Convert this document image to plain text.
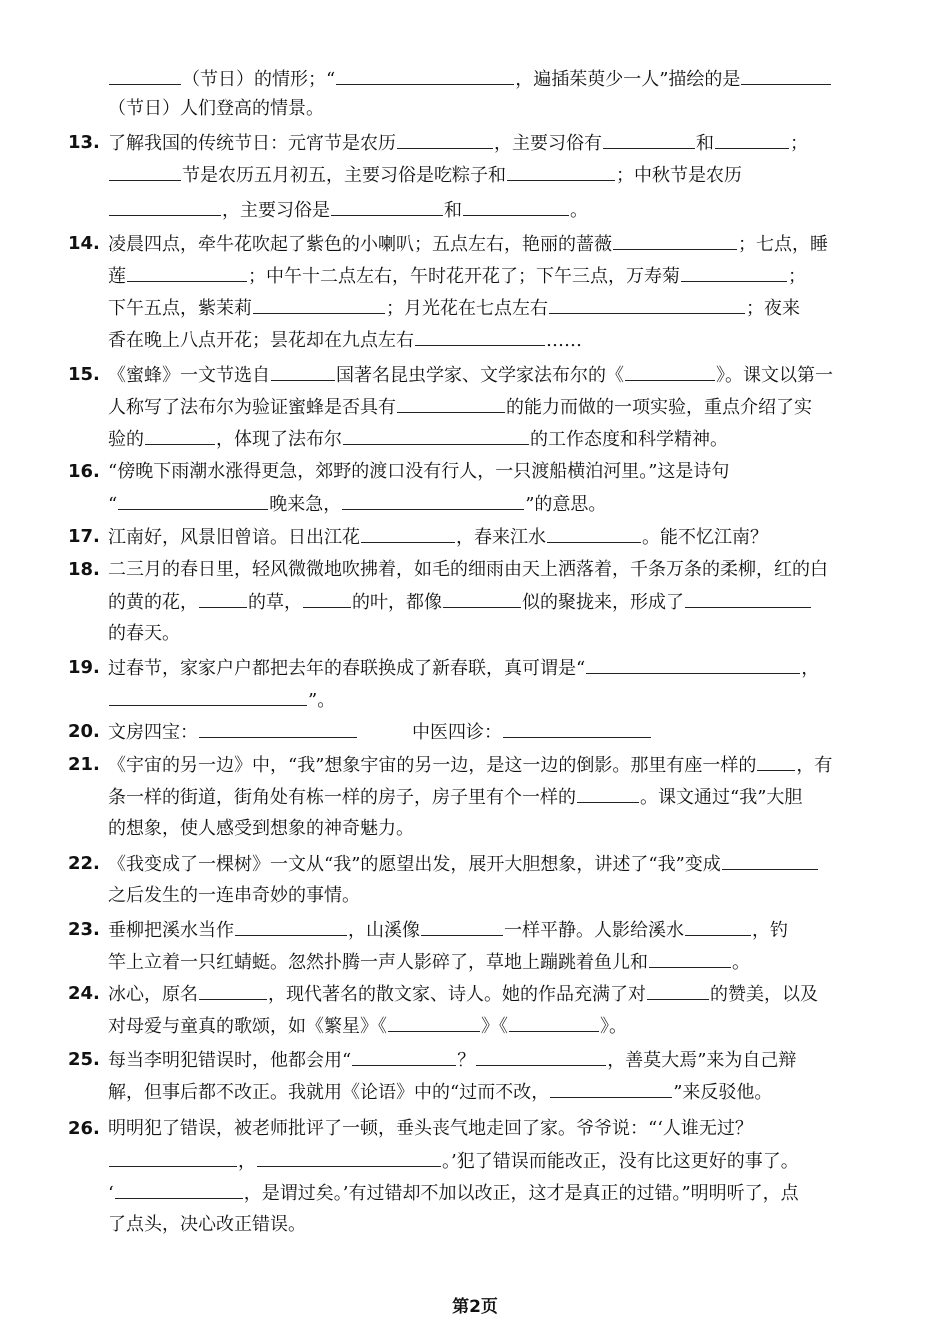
（节日）的情形；“	，遍插茱萸少一人”描绘的是
（节日）人们登高的情景。
13. 了解我国的传统节日：元宵节是农历	，主要习俗有	和	；
节是农历五月初五，主要习俗是吃粽子和	；中秋节是农历
，主要习俗是	和	。
14. 凌晨四点，牵牛花吹起了紫色的小喇叭；五点左右，艳丽的蔷薇	；七点，睡
莲	；中午十二点左右，午时花开花了；下午三点，万寿菊	；
下午五点，紫茉莉	；月光花在七点左右	；夜来
香在晚上八点开花；昙花却在九点左右	……
15. 《蜜蜂》一文节选自	国著名昆虫学家、文学家法布尔的《	》。课文以第一
人称写了法布尔为验证蜜蜂是否具有	的能力而做的一项实验，重点介绍了实
验的	，体现了法布尔	的工作态度和科学精神。
16. “傍晚下雨潮水涨得更急，郊野的渡口没有行人，一只渡船横泊河里。”这是诗句
“	晚来急，	”的意思。
17. 江南好，风景旧曾谙。日出江花	，春来江水	。能不忆江南？
18. 二三月的春日里，轻风微微地吹拂着，如毛的细雨由天上洒落着，千条万条的柔柳，红的白
的黄的花，	的草，	的叶，都像	似的聚拢来，形成了
的春天。
19. 过春节，家家户户都把去年的春联换成了新春联，真可谓是“	，
”。
20. 文房四宝：	　　　中医四诊：
21. 《宇宙的另一边》中，“我”想象宇宙的另一边，是这一边的倒影。那里有座一样的 ，有
条一样的街道，街角处有栋一样的房子，房子里有个一样的	。课文通过“我”大胆
的想象，使人感受到想象的神奇魅力。
22. 《我变成了一棵树》一文从“我”的愿望出发，展开大胆想象，讲述了“我”变成
之后发生的一连串奇妙的事情。
23. 垂柳把溪水当作	，山溪像	一样平静。人影给溪水	，钓
竿上立着一只红蜻蜓。忽然扑腾一声人影碎了，草地上蹦跳着鱼儿和	。
24. 冰心，原名	，现代著名的散文家、诗人。她的作品充满了对	的赞美，以及
对母爱与童真的歌颂，如《繁星》《	》《	》。
25. 每当李明犯错误时，他都会用“	？	，善莫大焉”来为自己辩
解，但事后都不改正。我就用《论语》中的“过而不改，	”来反驳他。
26. 明明犯了错误，被老师批评了一顿，垂头丧气地走回了家。爷爷说：“‘人谁无过？
，	。’犯了错误而能改正，没有比这更好的事了。
‘	，是谓过矣。’有过错却不加以改正，这才是真正的过错。”明明听了，点
了点头，决心改正错误。
第2页
